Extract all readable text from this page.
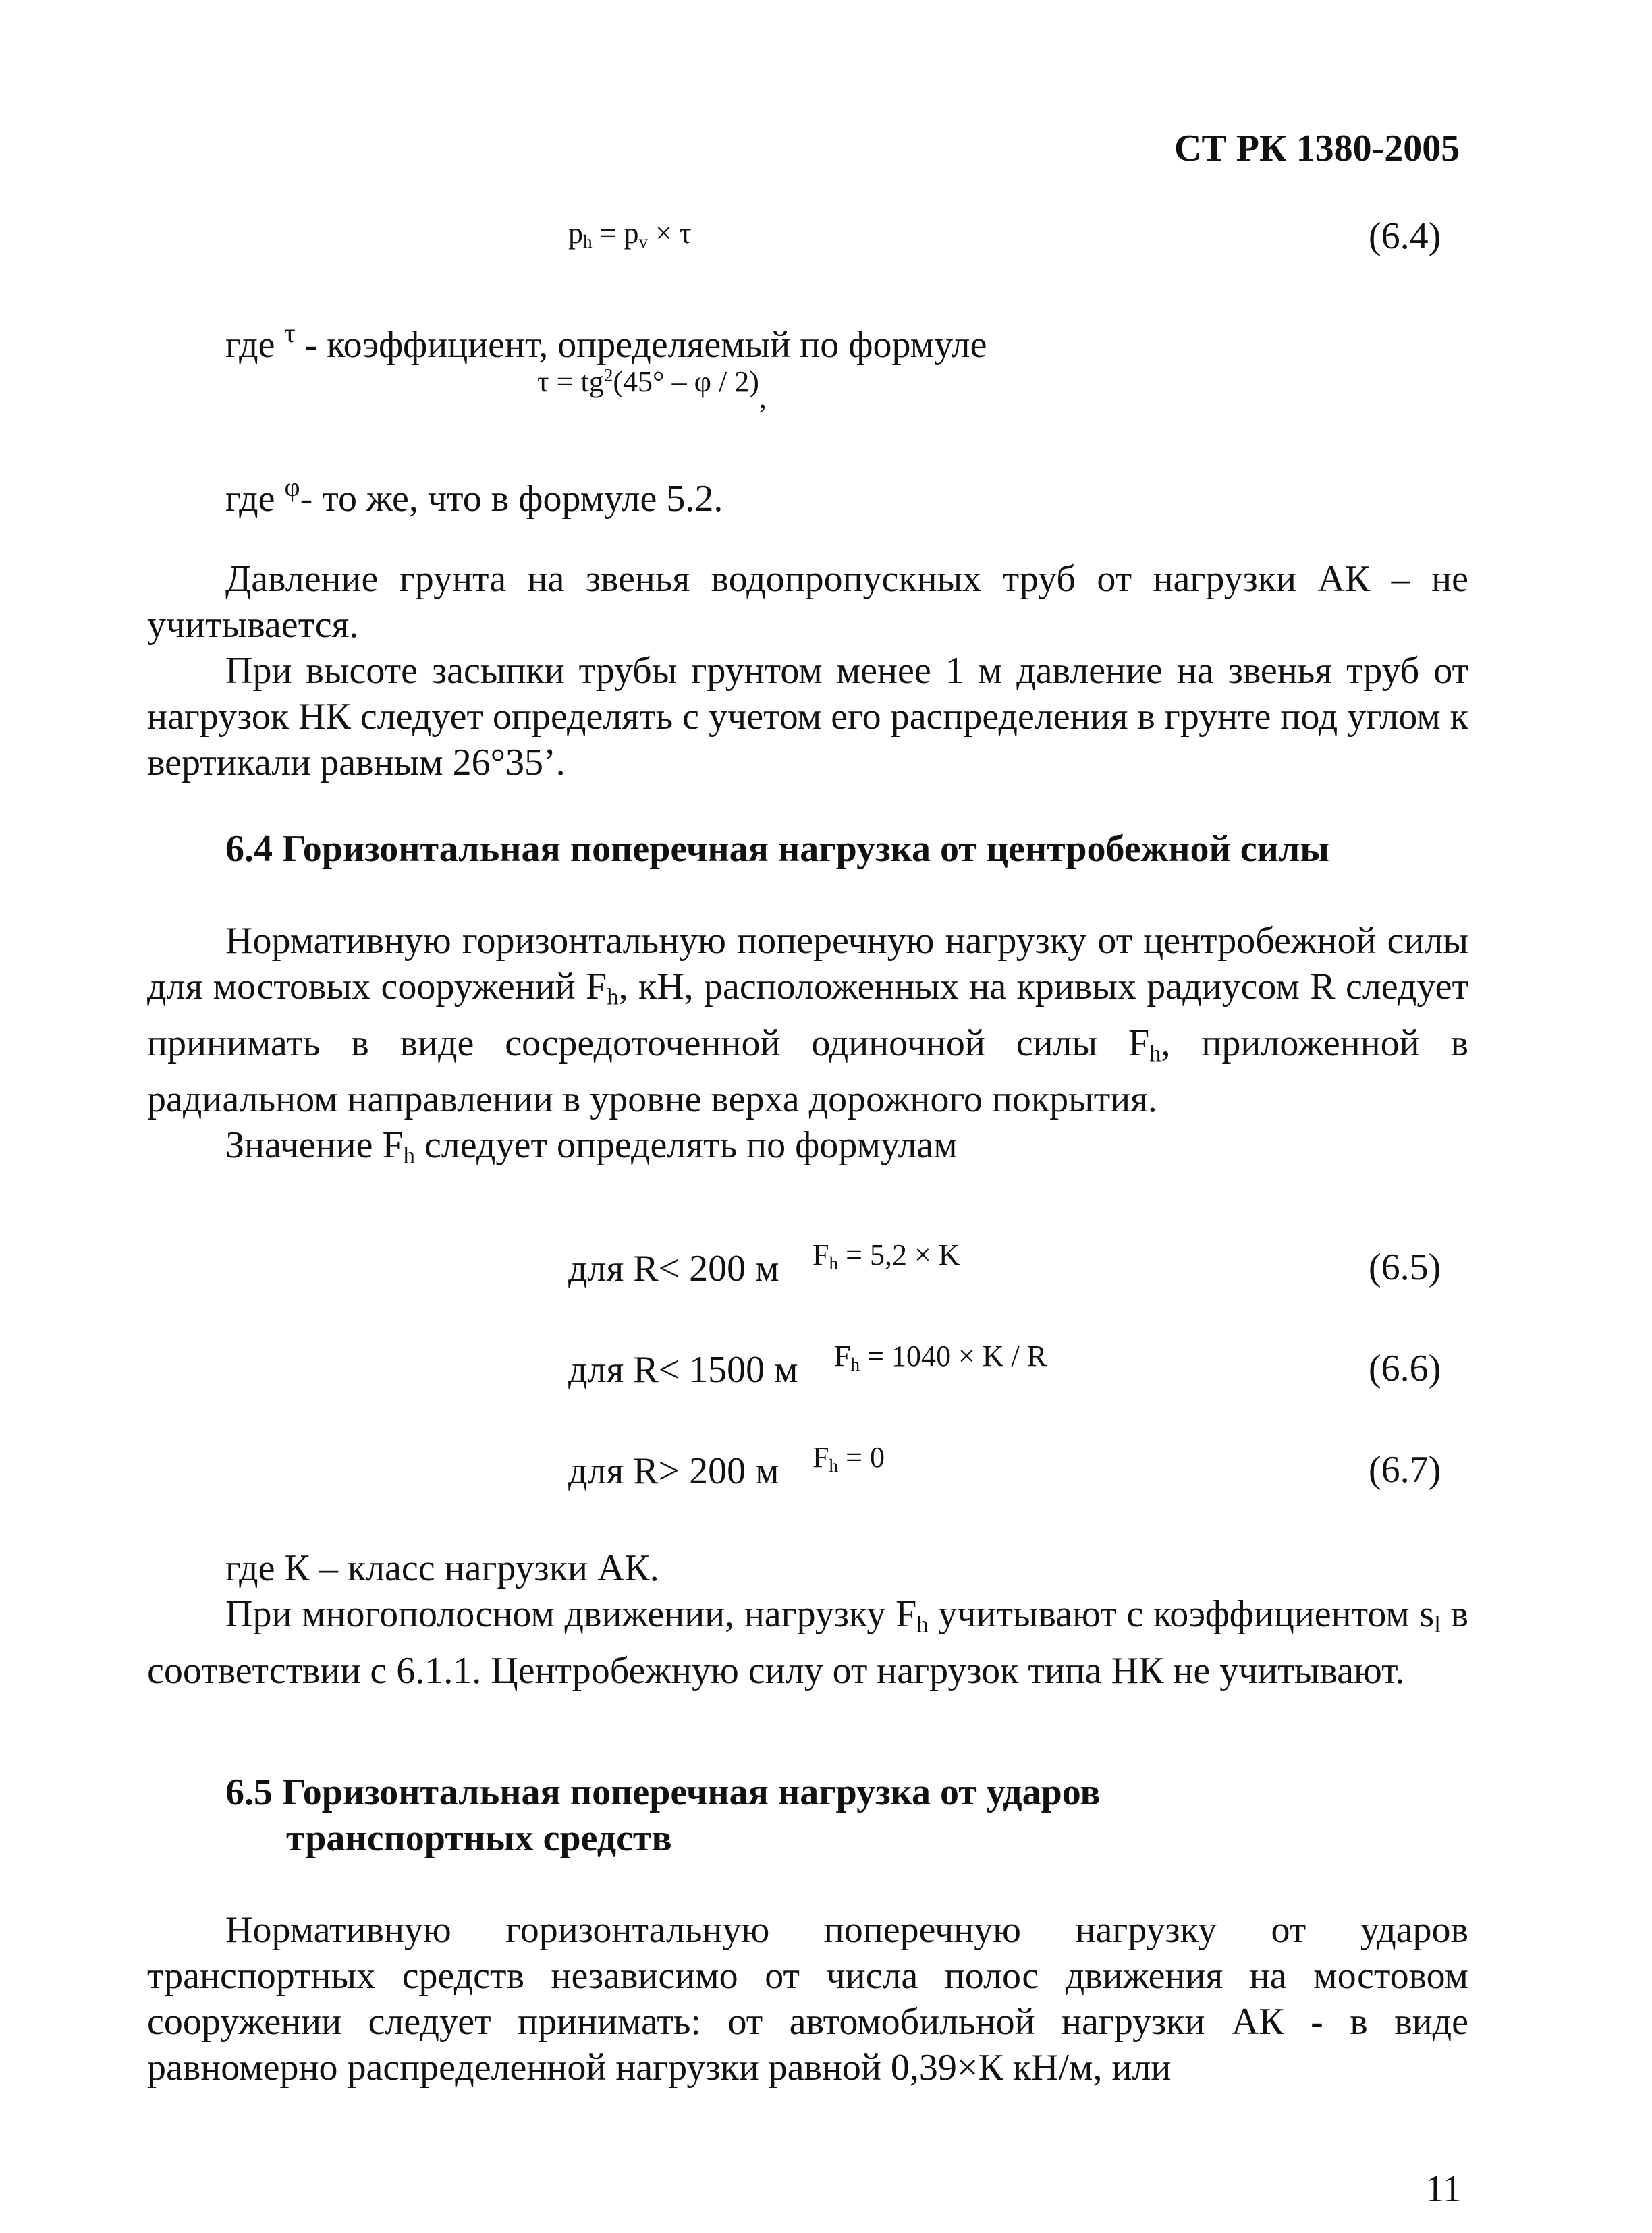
СТ РК 1380-2005
$p_h = p_v \times \tau$	(6.4)
где $^\tau$ - коэффициент, определяемый по формуле
$\tau = tg^2(45^\circ - \varphi / 2)$,
где $^\varphi$- то же, что в формуле 5.2.

Давление грунта на звенья водопропускных труб от нагрузки АК – не учитывается.

При высоте засыпки трубы грунтом менее 1 м давление на звенья труб от нагрузок НК следует определять с учетом его распределения в грунте под углом к вертикали равным 26°35’.

6.4 Горизонтальная поперечная нагрузка от центробежной силы

Нормативную горизонтальную поперечную нагрузку от центробежной силы для мостовых сооружений $F_h$, кН, расположенных на кривых радиусом R следует принимать в виде сосредоточенной одиночной силы $F_h$, приложенной в радиальном направлении в уровне верха дорожного покрытия.

Значение $F_h$ следует определять по формулам

для R< 200 м $F_h = 5,2 \times K$	(6.5)
для R< 1500 м $F_h = 1040 \times K / R$	(6.6)
для R> 200 м $F_h = 0$	(6.7)

где К – класс нагрузки АК.

При многополосном движении, нагрузку $F_h$ учитывают с коэффициентом $s_l$ в соответствии с 6.1.1. Центробежную силу от нагрузок типа НК не учитывают.

6.5 Горизонтальная поперечная нагрузка от ударов
транспортных средств

Нормативную горизонтальную поперечную нагрузку от ударов транспортных средств независимо от числа полос движения на мостовом сооружении следует принимать: от автомобильной нагрузки АК - в виде равномерно распределенной нагрузки равной 0,39×К кН/м, или

11
